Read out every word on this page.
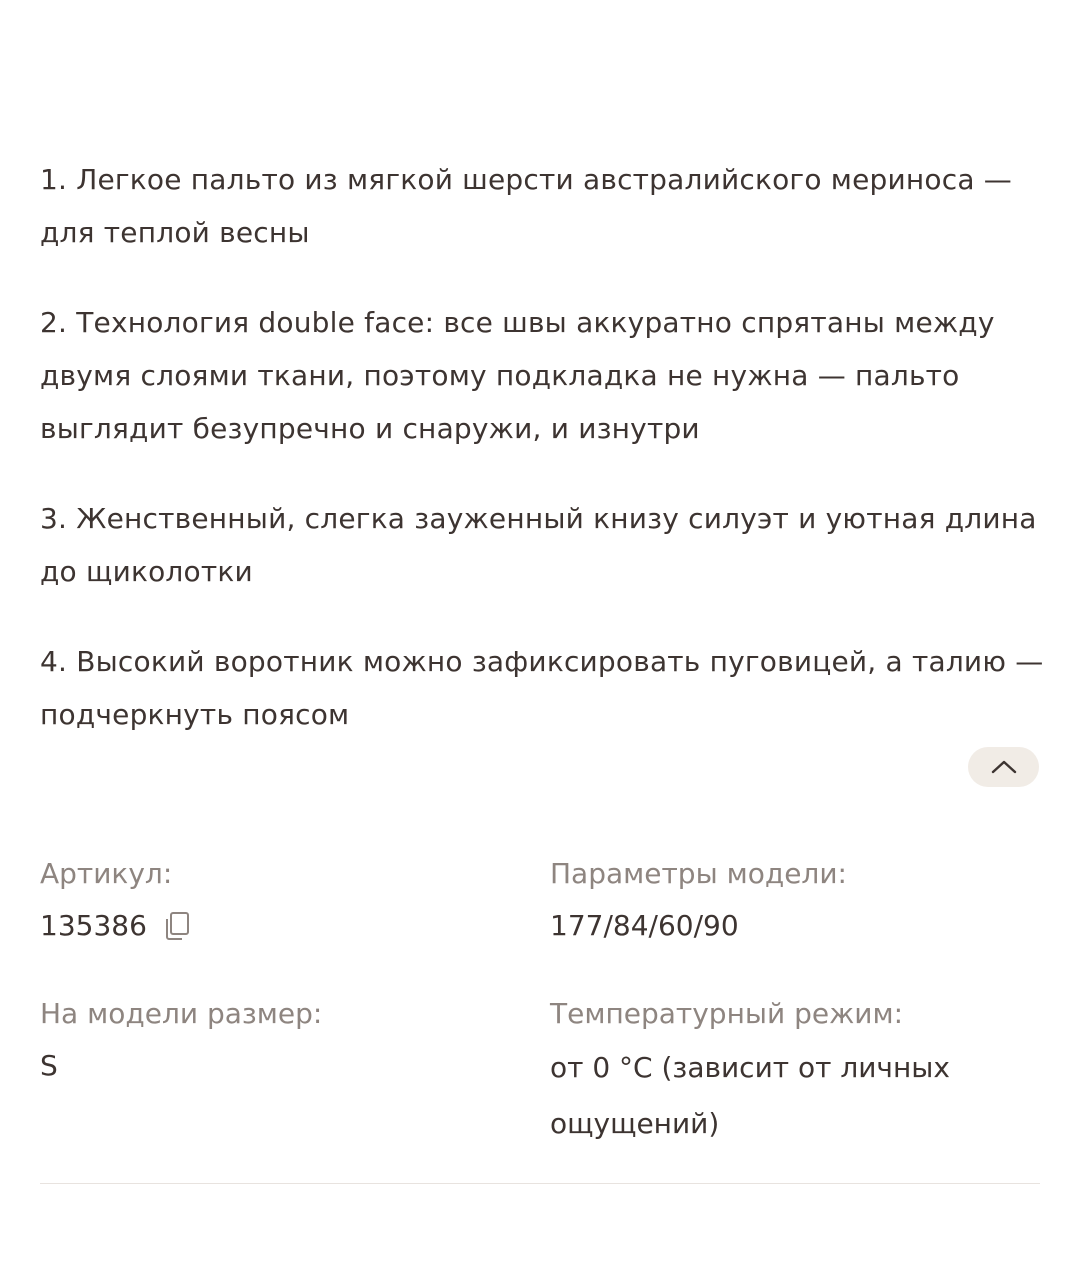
1. Легкое пальто из мягкой шерсти австралийского мериноса — для теплой весны
2. Технология double face: все швы аккуратно спрятаны между двумя слоями ткани, поэтому подкладка не нужна — пальто выглядит безупречно и снаружи, и изнутри
3. Женственный, слегка зауженный книзу силуэт и уютная длина до щиколотки
4. Высокий воротник можно зафиксировать пуговицей, а талию — подчеркнуть поясом
Артикул:
135386
Параметры модели:
177/84/60/90
На модели размер:
S
Температурный режим:
от 0 °С (зависит от личных ощущений)
